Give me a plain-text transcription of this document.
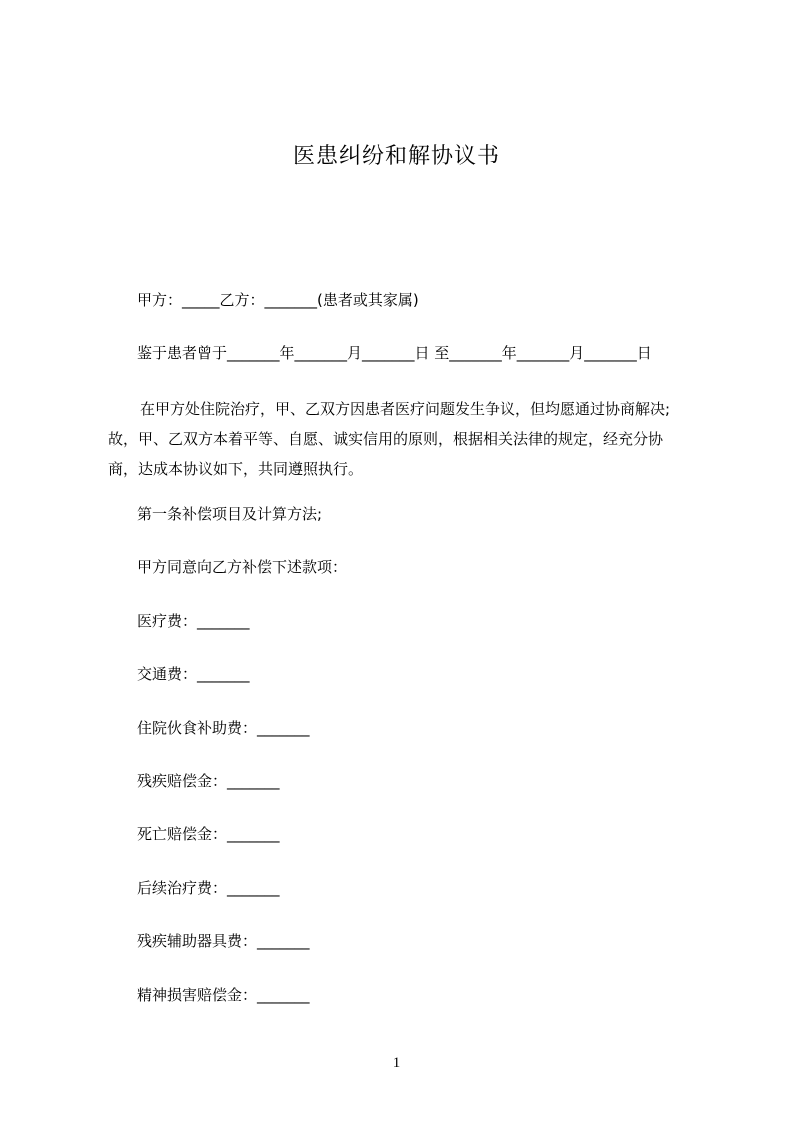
医患纠纷和解协议书
甲方：_____乙方：_______(患者或其家属)
鉴于患者曾于_______年_______月_______日 至_______年_______月_______日
在甲方处住院治疗，甲、乙双方因患者医疗问题发生争议，但均愿通过协商解决;
故，甲、乙双方本着平等、自愿、诚实信用的原则，根据相关法律的规定，经充分协
商，达成本协议如下，共同遵照执行。
第一条补偿项目及计算方法;
甲方同意向乙方补偿下述款项：
医疗费：_______
交通费：_______
住院伙食补助费：_______
残疾赔偿金：_______
死亡赔偿金：_______
后续治疗费：_______
残疾辅助器具费：_______
精神损害赔偿金：_______
1
